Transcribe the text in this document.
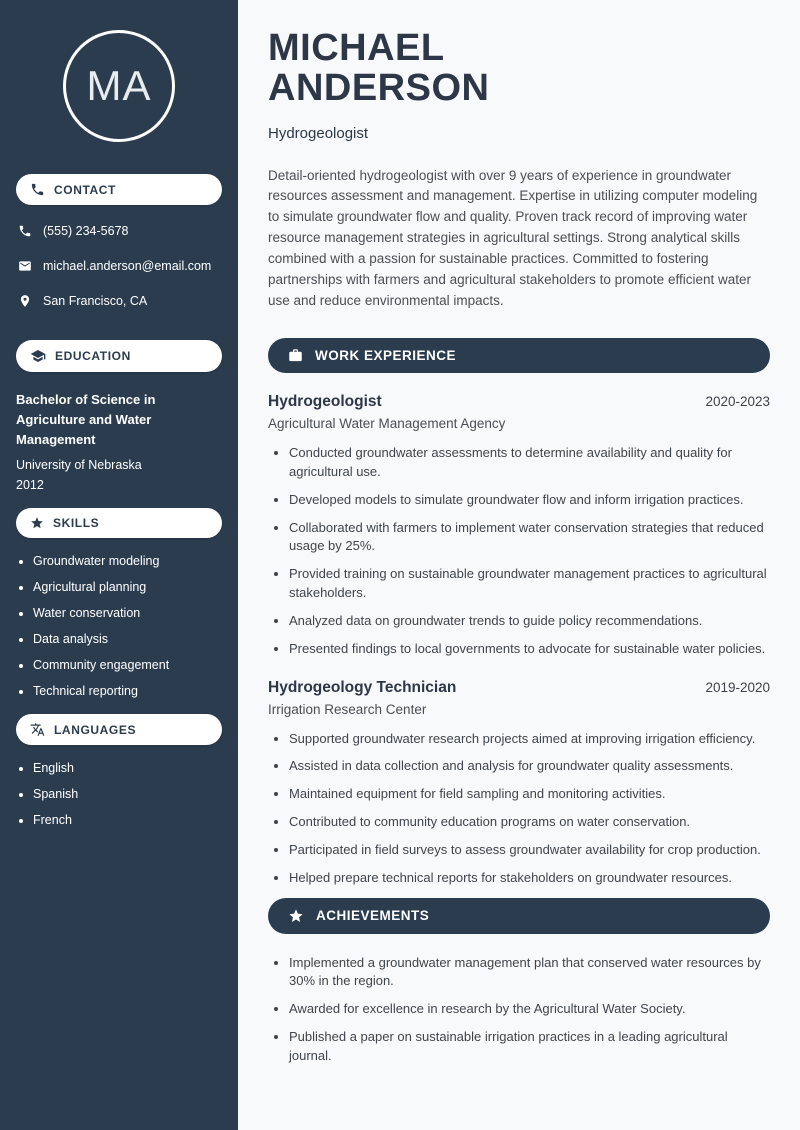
MA
CONTACT
(555) 234-5678
michael.anderson@email.com
San Francisco, CA
EDUCATION
Bachelor of Science in Agriculture and Water Management
University of Nebraska
2012
SKILLS
• Groundwater modeling
• Agricultural planning
• Water conservation
• Data analysis
• Community engagement
• Technical reporting
LANGUAGES
• English
• Spanish
• French
MICHAEL
ANDERSON
Hydrogeologist

Detail-oriented hydrogeologist with over 9 years of experience in groundwater resources assessment and management. Expertise in utilizing computer modeling to simulate groundwater flow and quality. Proven track record of improving water resource management strategies in agricultural settings. Strong analytical skills combined with a passion for sustainable practices. Committed to fostering partnerships with farmers and agricultural stakeholders to promote efficient water use and reduce environmental impacts.

WORK EXPERIENCE
Hydrogeologist	2020-2023
Agricultural Water Management Agency
• Conducted groundwater assessments to determine availability and quality for agricultural use.
• Developed models to simulate groundwater flow and inform irrigation practices.
• Collaborated with farmers to implement water conservation strategies that reduced usage by 25%.
• Provided training on sustainable groundwater management practices to agricultural stakeholders.
• Analyzed data on groundwater trends to guide policy recommendations.
• Presented findings to local governments to advocate for sustainable water policies.
Hydrogeology Technician	2019-2020
Irrigation Research Center
• Supported groundwater research projects aimed at improving irrigation efficiency.
• Assisted in data collection and analysis for groundwater quality assessments.
• Maintained equipment for field sampling and monitoring activities.
• Contributed to community education programs on water conservation.
• Participated in field surveys to assess groundwater availability for crop production.
• Helped prepare technical reports for stakeholders on groundwater resources.
ACHIEVEMENTS
• Implemented a groundwater management plan that conserved water resources by 30% in the region.
• Awarded for excellence in research by the Agricultural Water Society.
• Published a paper on sustainable irrigation practices in a leading agricultural journal.
